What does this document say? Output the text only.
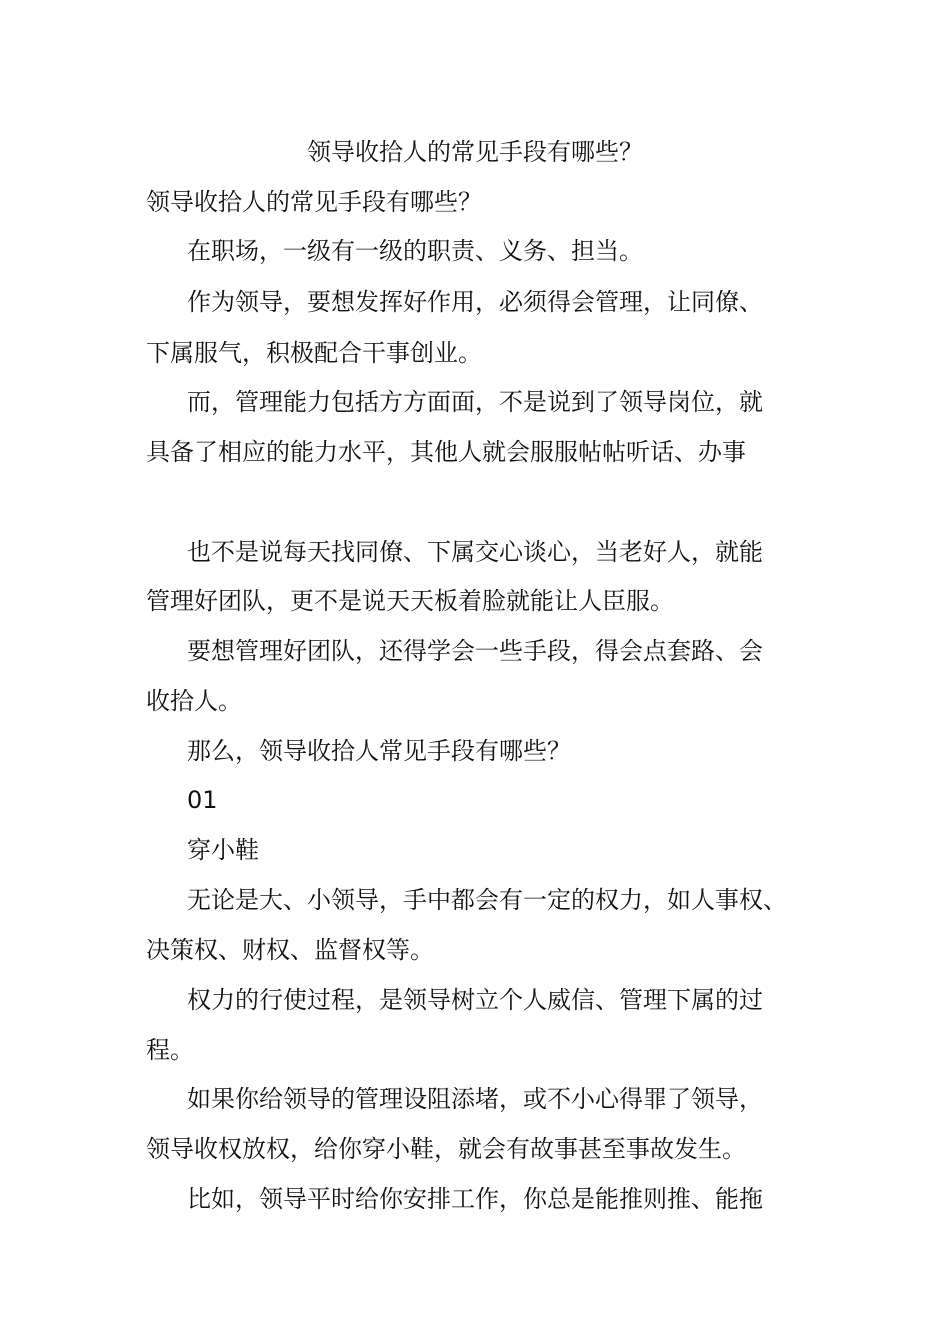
领导收拾人的常见手段有哪些？

领导收拾人的常见手段有哪些？

在职场，一级有一级的职责、义务、担当。

作为领导，要想发挥好作用，必须得会管理，让同僚、

下属服气，积极配合干事创业。

而，管理能力包括方方面面，不是说到了领导岗位，就

具备了相应的能力水平，其他人就会服服帖帖听话、办事

也不是说每天找同僚、下属交心谈心，当老好人，就能

管理好团队，更不是说天天板着脸就能让人臣服。

要想管理好团队，还得学会一些手段，得会点套路、会

收拾人。

那么，领导收拾人常见手段有哪些？

01

穿小鞋

无论是大、小领导，手中都会有一定的权力，如人事权、

决策权、财权、监督权等。

权力的行使过程，是领导树立个人威信、管理下属的过

程。

如果你给领导的管理设阻添堵，或不小心得罪了领导，

领导收权放权，给你穿小鞋，就会有故事甚至事故发生。

比如，领导平时给你安排工作，你总是能推则推、能拖
